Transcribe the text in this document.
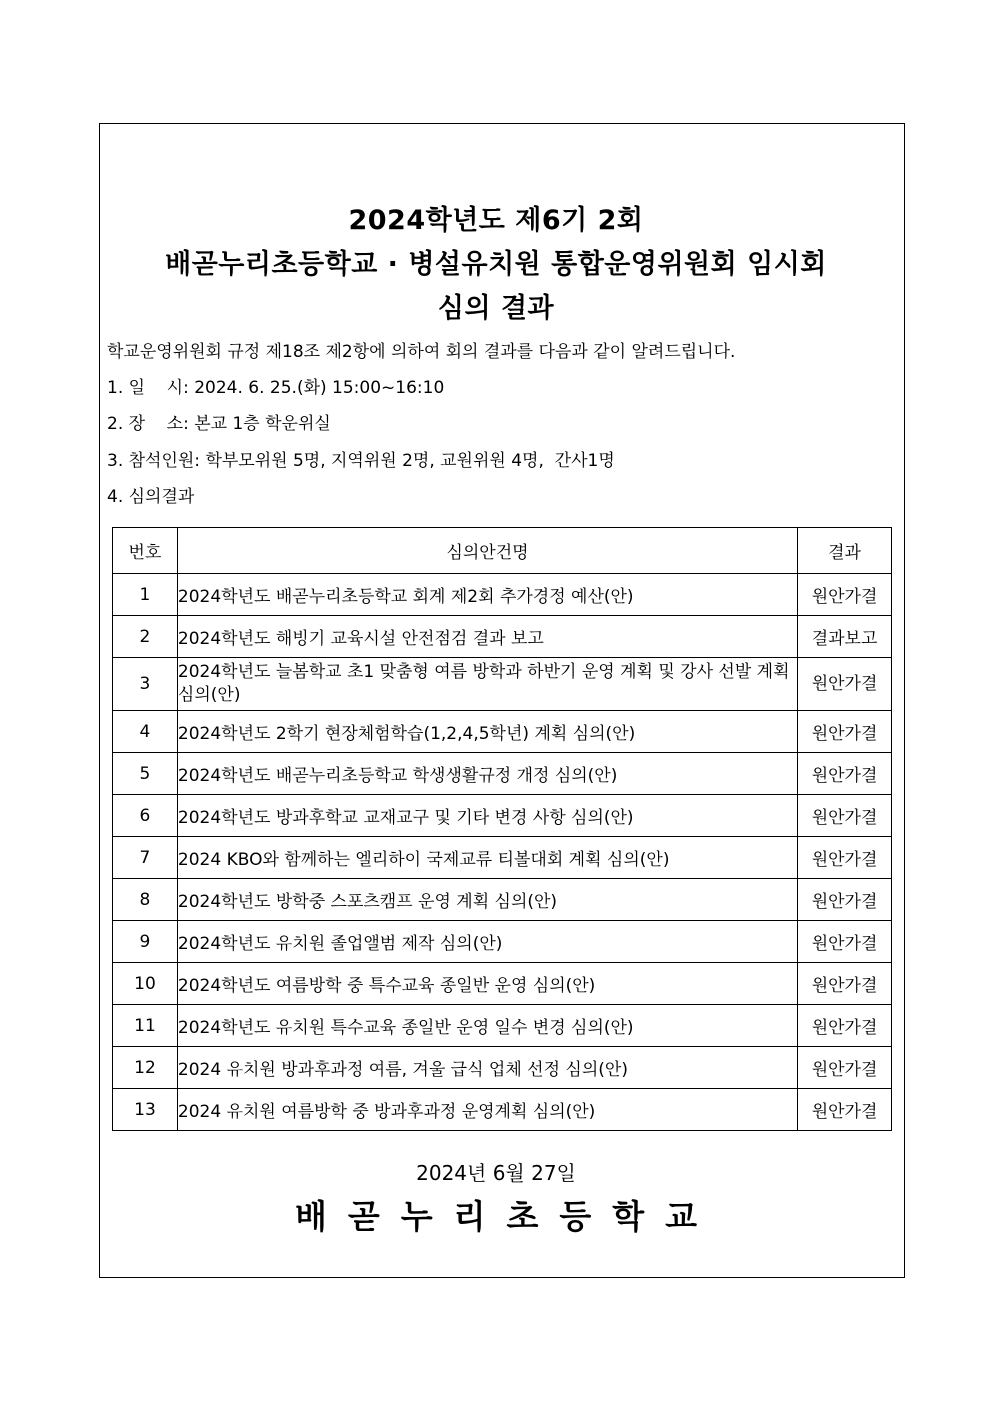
2024학년도 제6기 2회
배곧누리초등학교 · 병설유치원 통합운영위원회 임시회
심의 결과
학교운영위원회 규정 제18조 제2항에 의하여 회의 결과를 다음과 같이 알려드립니다.
1. 일    시: 2024. 6. 25.(화) 15:00~16:10
2. 장    소: 본교 1층 학운위실
3. 참석인원: 학부모위원 5명, 지역위원 2명, 교원위원 4명,  간사1명
4. 심의결과
번호	심의안건명	결과
1	2024학년도 배곧누리초등학교 회계 제2회 추가경정 예산(안)	원안가결
2	2024학년도 해빙기 교육시설 안전점검 결과 보고	결과보고
3	2024학년도 늘봄학교 초1 맞춤형 여름 방학과 하반기 운영 계획 및 강사 선발 계획 심의(안)	원안가결
4	2024학년도 2학기 현장체험학습(1,2,4,5학년) 계획 심의(안)	원안가결
5	2024학년도 배곧누리초등학교 학생생활규정 개정 심의(안)	원안가결
6	2024학년도 방과후학교 교재교구 및 기타 변경 사항 심의(안)	원안가결
7	2024 KBO와 함께하는 엘리하이 국제교류 티볼대회 계획 심의(안)	원안가결
8	2024학년도 방학중 스포츠캠프 운영 계획 심의(안)	원안가결
9	2024학년도 유치원 졸업앨범 제작 심의(안)	원안가결
10	2024학년도 여름방학 중 특수교육 종일반 운영 심의(안)	원안가결
11	2024학년도 유치원 특수교육 종일반 운영 일수 변경 심의(안)	원안가결
12	2024 유치원 방과후과정 여름, 겨울 급식 업체 선정 심의(안)	원안가결
13	2024 유치원 여름방학 중 방과후과정 운영계획 심의(안)	원안가결
2024년 6월 27일
배곧누리초등학교
